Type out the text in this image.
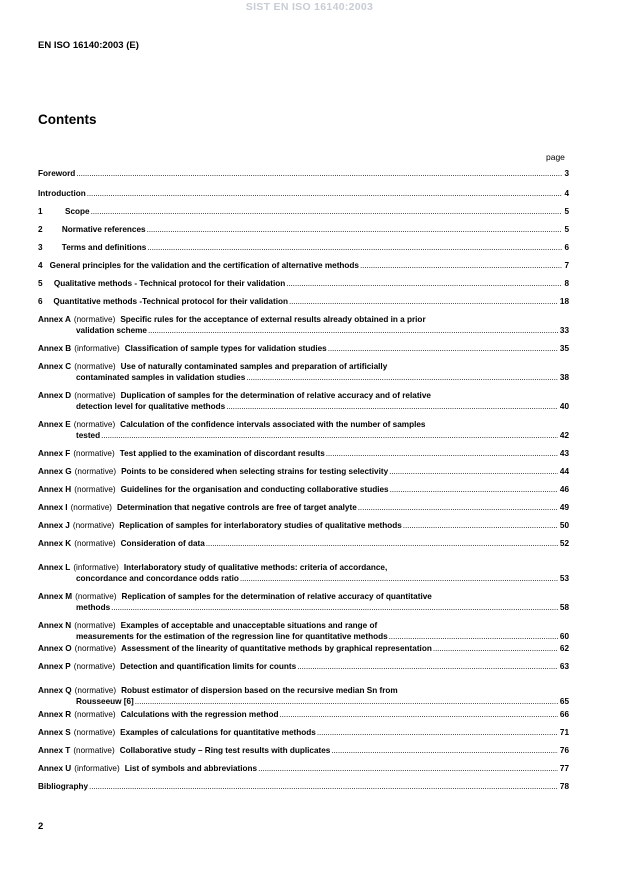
SIST EN ISO 16140:2003
EN ISO 16140:2003 (E)
Contents
page
Foreword . . .	3
Introduction . . .	4
1	Scope . . .	5
2	Normative references . . .	5
3	Terms and definitions . . .	6
4 General principles for the validation and the certification of alternative methods . . .	7
5	Qualitative methods - Technical protocol for their validation . . .	8
6	Quantitative methods -Technical protocol for their validation . . .	18
Annex A (normative) Specific rules for the acceptance of external results already obtained in a prior
validation scheme . . .	33
Annex B (informative) Classification of sample types for validation studies . . .	35
Annex C (normative) Use of naturally contaminated samples and preparation of artificially
contaminated samples in validation studies . . .	38
Annex D (normative) Duplication of samples for the determination of relative accuracy and of relative
detection level for qualitative methods . . .	40
Annex E (normative) Calculation of the confidence intervals associated with the number of samples
tested . . .	42
Annex F (normative) Test applied to the examination of discordant results . . .	43
Annex G (normative) Points to be considered when selecting strains for testing selectivity . . .	44
Annex H (normative) Guidelines for the organisation and conducting collaborative studies . . .	46
Annex I (normative) Determination that negative controls are free of target analyte . . .	49
Annex J (normative) Replication of samples for interlaboratory studies of qualitative methods . . .	50
Annex K (normative) Consideration of data . . .	52
Annex L (informative) Interlaboratory study of qualitative methods: criteria of accordance,
concordance and concordance odds ratio . . .	53
Annex M (normative) Replication of samples for the determination of relative accuracy of quantitative
methods . . .	58
Annex N (normative) Examples of acceptable and unacceptable situations and range of
measurements for the estimation of the regression line for quantitative methods . . .	60
Annex O (normative) Assessment of the linearity of quantitative methods by graphical representation . . .	62
Annex P (normative) Detection and quantification limits for counts . . .	63
Annex Q (normative) Robust estimator of dispersion based on the recursive median Sn from
Rousseeuw [6] . . .	65
Annex R (normative) Calculations with the regression method . . .	66
Annex S (normative) Examples of calculations for quantitative methods . . .	71
Annex T (normative) Collaborative study – Ring test results with duplicates . . .	76
Annex U (informative) List of symbols and abbreviations . . .	77
Bibliography . . .	78
2
